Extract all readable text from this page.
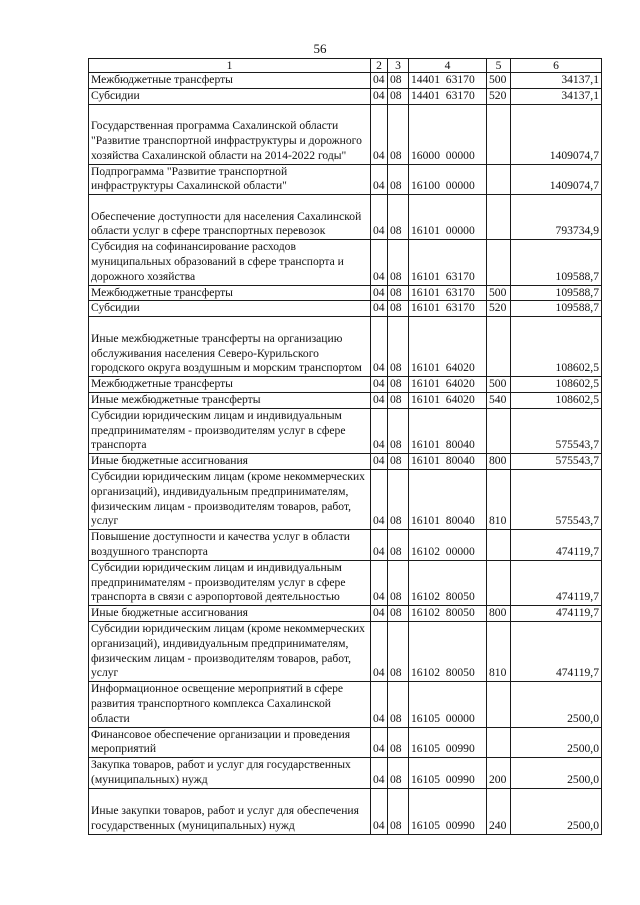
56
1	2	3	4	5	6
Межбюджетные трансферты	04	08	14401  63170	500	34137,1
Субсидии	04	08	14401  63170	520	34137,1
Государственная программа Сахалинской области "Развитие транспортной инфраструктуры и дорожного хозяйства Сахалинской области на 2014-2022 годы"	04	08	16000  00000		1409074,7
Подпрограмма "Развитие транспортной инфраструктуры Сахалинской области"	04	08	16100  00000		1409074,7
Обеспечение доступности для населения Сахалинской области услуг в сфере транспортных перевозок	04	08	16101  00000		793734,9
Субсидия на софинансирование расходов муниципальных образований в сфере транспорта и дорожного хозяйства	04	08	16101  63170		109588,7
Межбюджетные трансферты	04	08	16101  63170	500	109588,7
Субсидии	04	08	16101  63170	520	109588,7
Иные межбюджетные трансферты на организацию обслуживания населения Северо-Курильского городского округа воздушным и морским транспортом	04	08	16101  64020		108602,5
Межбюджетные трансферты	04	08	16101  64020	500	108602,5
Иные межбюджетные трансферты	04	08	16101  64020	540	108602,5
Субсидии юридическим лицам и индивидуальным предпринимателям - производителям услуг в сфере транспорта	04	08	16101  80040		575543,7
Иные бюджетные ассигнования	04	08	16101  80040	800	575543,7
Субсидии юридическим лицам (кроме некоммерческих организаций), индивидуальным предпринимателям, физическим лицам - производителям товаров, работ, услуг	04	08	16101  80040	810	575543,7
Повышение доступности и качества услуг в области воздушного транспорта	04	08	16102  00000		474119,7
Субсидии юридическим лицам и индивидуальным предпринимателям - производителям услуг в сфере транспорта в связи с аэропортовой деятельностью	04	08	16102  80050		474119,7
Иные бюджетные ассигнования	04	08	16102  80050	800	474119,7
Субсидии юридическим лицам (кроме некоммерческих организаций), индивидуальным предпринимателям, физическим лицам - производителям товаров, работ, услуг	04	08	16102  80050	810	474119,7
Информационное освещение мероприятий в сфере развития транспортного комплекса Сахалинской области	04	08	16105  00000		2500,0
Финансовое обеспечение организации и проведения мероприятий	04	08	16105  00990		2500,0
Закупка товаров, работ и услуг для государственных (муниципальных) нужд	04	08	16105  00990	200	2500,0
Иные закупки товаров, работ и услуг для обеспечения государственных (муниципальных) нужд	04	08	16105  00990	240	2500,0
